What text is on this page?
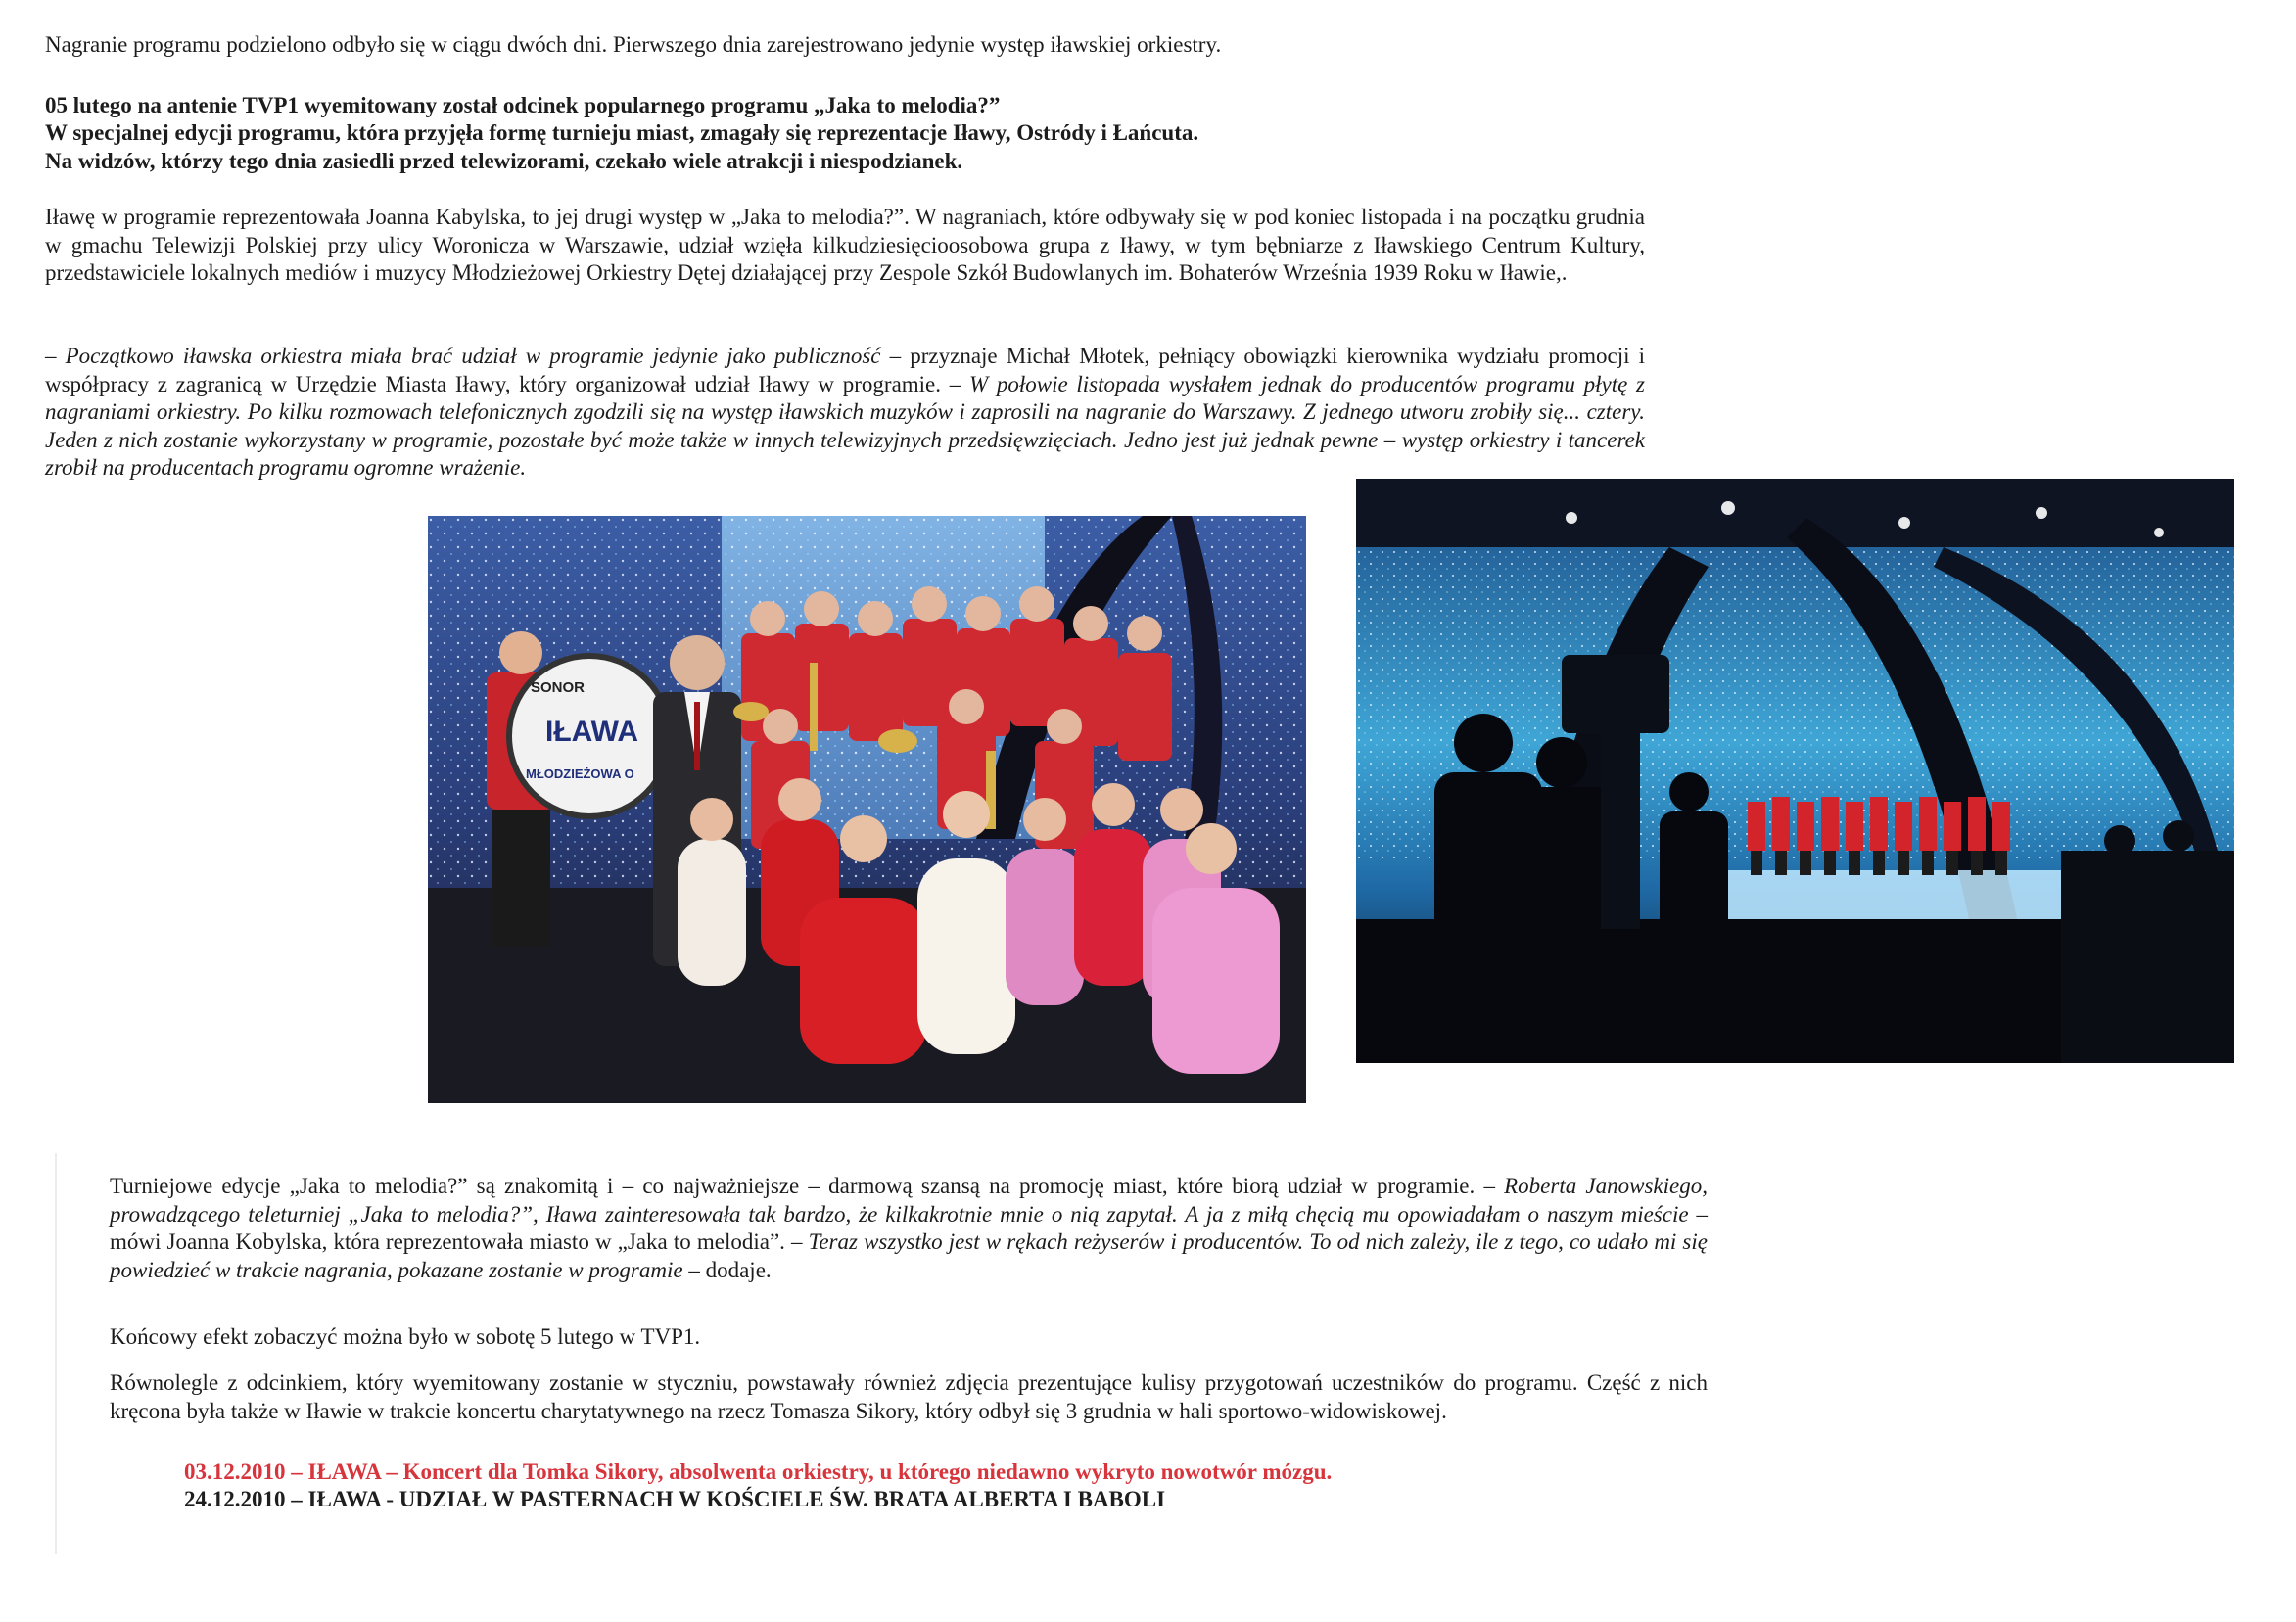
Nagranie programu podzielono odbyło się w ciągu dwóch dni. Pierwszego dnia zarejestrowano jedynie występ iławskiej orkiestry.

05 lutego na antenie TVP1 wyemitowany został odcinek popularnego programu „Jaka to melodia?”

W specjalnej edycji programu, która przyjęła formę turnieju miast, zmagały się reprezentacje Iławy, Ostródy i Łańcuta.

Na widzów, którzy tego dnia zasiedli przed telewizorami, czekało wiele atrakcji i niespodzianek.

Iławę w programie reprezentowała Joanna Kabylska, to jej drugi występ w „Jaka to melodia?”. W nagraniach, które odbywały się w pod koniec listopada i na początku grudnia w gmachu Telewizji Polskiej przy ulicy Woronicza w Warszawie, udział wzięła kilkudziesięcioosobowa grupa z Iławy, w tym bębniarze z Iławskiego Centrum Kultury, przedstawiciele lokalnych mediów i muzycy Młodzieżowej Orkiestry Dętej działającej przy Zespole Szkół Budowlanych im. Bohaterów Września 1939 Roku w Iławie,.

– Początkowo iławska orkiestra miała brać udział w programie jedynie jako publiczność – przyznaje Michał Młotek, pełniący obowiązki kierownika wydziału promocji i współpracy z zagranicą w Urzędzie Miasta Iławy, który organizował udział Iławy w programie. – W połowie listopada wysłałem jednak do producentów programu płytę z nagraniami orkiestry. Po kilku rozmowach telefonicznych zgodzili się na występ iławskich muzyków i zaprosili na nagranie do Warszawy. Z jednego utworu zrobiły się... cztery. Jeden z nich zostanie wykorzystany w programie, pozostałe być może także w innych telewizyjnych przedsięwzięciach. Jedno jest już jednak pewne – występ orkiestry i tancerek zrobił na producentach programu ogromne wrażenie.

SONOR
IŁAWA
MŁODZIEŻOWA O

Turniejowe edycje „Jaka to melodia?” są znakomitą i – co najważniejsze – darmową szansą na promocję miast, które biorą udział w programie. – Roberta Janowskiego, prowadzącego teleturniej „Jaka to melodia?”, Iława zainteresowała tak bardzo, że kilkakrotnie mnie o nią zapytał. A ja z miłą chęcią mu opowiadałam o naszym mieście – mówi Joanna Kobylska, która reprezentowała miasto w „Jaka to melodia”. – Teraz wszystko jest w rękach reżyserów i producentów. To od nich zależy, ile z tego, co udało mi się powiedzieć w trakcie nagrania, pokazane zostanie w programie – dodaje.

Końcowy efekt zobaczyć można było w sobotę 5 lutego w TVP1.

Równolegle z odcinkiem, który wyemitowany zostanie w styczniu, powstawały również zdjęcia prezentujące kulisy przygotowań uczestników do programu. Część z nich kręcona była także w Iławie w trakcie koncertu charytatywnego na rzecz Tomasza Sikory, który odbył się 3 grudnia w hali sportowo-widowiskowej.

03.12.2010 – IŁAWA – Koncert dla Tomka Sikory, absolwenta orkiestry, u którego niedawno wykryto nowotwór mózgu.

24.12.2010 – IŁAWA - UDZIAŁ W PASTERNACH W KOŚCIELE ŚW. BRATA ALBERTA I BABOLI
